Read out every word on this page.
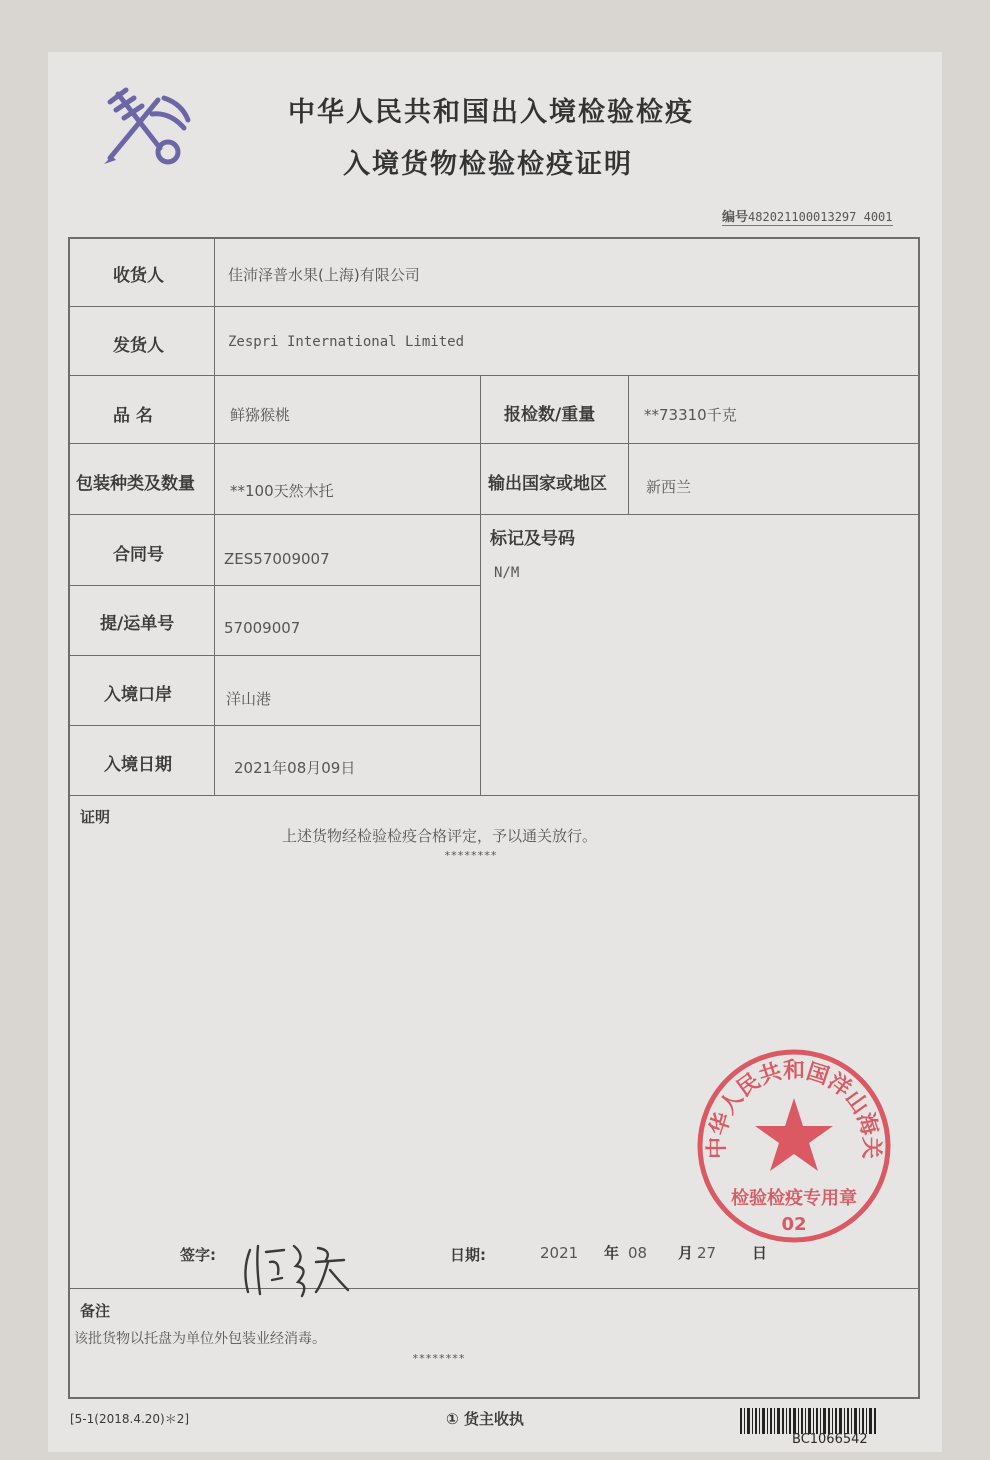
中华人民共和国出入境检验检疫
入境货物检验检疫证明
编号482021100013297 4001
收货人	佳沛泽普水果(上海)有限公司
发货人	Zespri International Limited
品 名	鲜猕猴桃	报检数/重量	**73310千克
包装种类及数量 **100天然木托	输出国家或地区	新西兰
合同号	ZES57009007
标记及号码
N/M
提/运单号	57009007
入境口岸	洋山港
入境日期	2021年08月09日
证明
上述货物经检验检疫合格评定，予以通关放行。
********
签字:	日期:	2021 年 08 月 27 日
中华人民共和国洋山海关
检验检疫专用章
02
备注
该批货物以托盘为单位外包装业经消毒。
********
[5-1(2018.4.20)＊2]	① 货主收执
BC1066542
